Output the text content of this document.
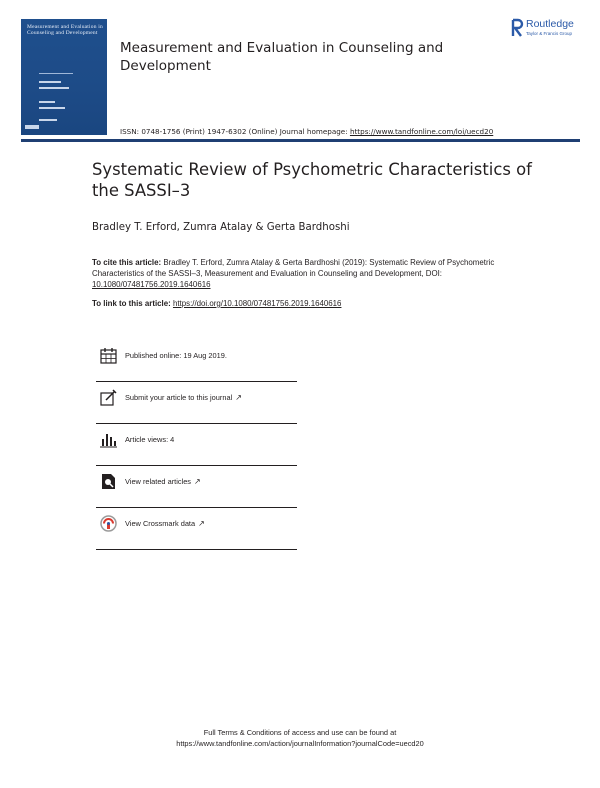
Measurement and Evaluation in Counseling and Development
Routledge
Taylor & Francis Group
Measurement and Evaluation in Counseling and Development
ISSN: 0748-1756 (Print) 1947-6302 (Online) Journal homepage: https://www.tandfonline.com/loi/uecd20
Systematic Review of Psychometric Characteristics of the SASSI–3
Bradley T. Erford, Zumra Atalay & Gerta Bardhoshi
To cite this article: Bradley T. Erford, Zumra Atalay & Gerta Bardhoshi (2019): Systematic Review of Psychometric Characteristics of the SASSI–3, Measurement and Evaluation in Counseling and Development, DOI: 10.1080/07481756.2019.1640616
To link to this article: https://doi.org/10.1080/07481756.2019.1640616
Published online: 19 Aug 2019.
Submit your article to this journal ↗
Article views: 4
View related articles ↗
View Crossmark data ↗
Full Terms & Conditions of access and use can be found at
https://www.tandfonline.com/action/journalInformation?journalCode=uecd20
